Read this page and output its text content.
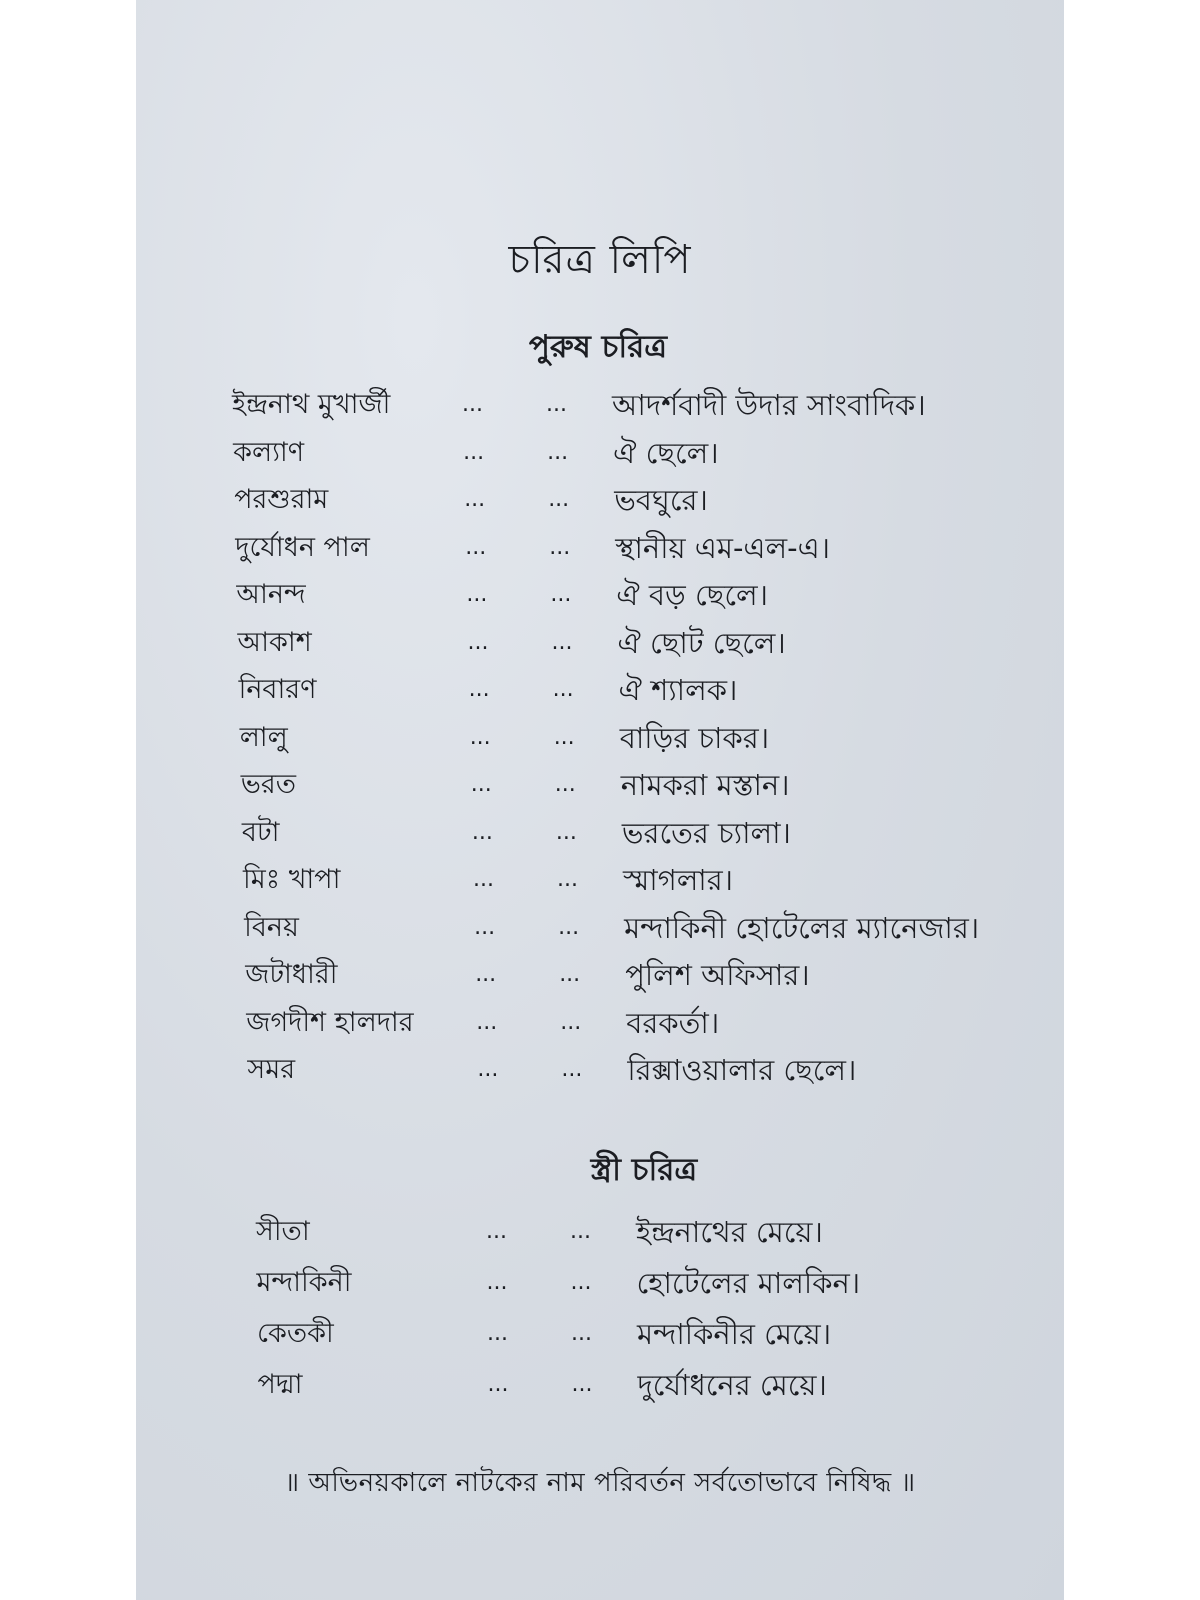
চরিত্র লিপি
পুরুষ চরিত্র
ইন্দ্রনাথ মুখার্জী	...	... আদর্শবাদী উদার সাংবাদিক।
কল্যাণ	...	... ঐ ছেলে।
পরশুরাম	...	... ভবঘুরে।
দুর্যোধন পাল	...	... স্থানীয় এম-এল-এ।
আনন্দ	...	... ঐ বড় ছেলে।
আকাশ	...	... ঐ ছোট ছেলে।
নিবারণ	...	... ঐ শ্যালক।
লালু	...	... বাড়ির চাকর।
ভরত	...	... নামকরা মস্তান।
বটা	...	... ভরতের চ্যালা।
মিঃ খাপা	...	... স্মাগলার।
বিনয়	...	... মন্দাকিনী হোটেলের ম্যানেজার।
জটাধারী	...	... পুলিশ অফিসার।
জগদীশ হালদার	...	... বরকর্তা।
সমর	...	... রিক্সাওয়ালার ছেলে।
স্ত্রী চরিত্র
সীতা	...	... ইন্দ্রনাথের মেয়ে।
মন্দাকিনী	...	... হোটেলের মালকিন।
কেতকী	...	... মন্দাকিনীর মেয়ে।
পদ্মা	...	... দুর্যোধনের মেয়ে।
॥ অভিনয়কালে নাটকের নাম পরিবর্তন সর্বতোভাবে নিষিদ্ধ ॥
